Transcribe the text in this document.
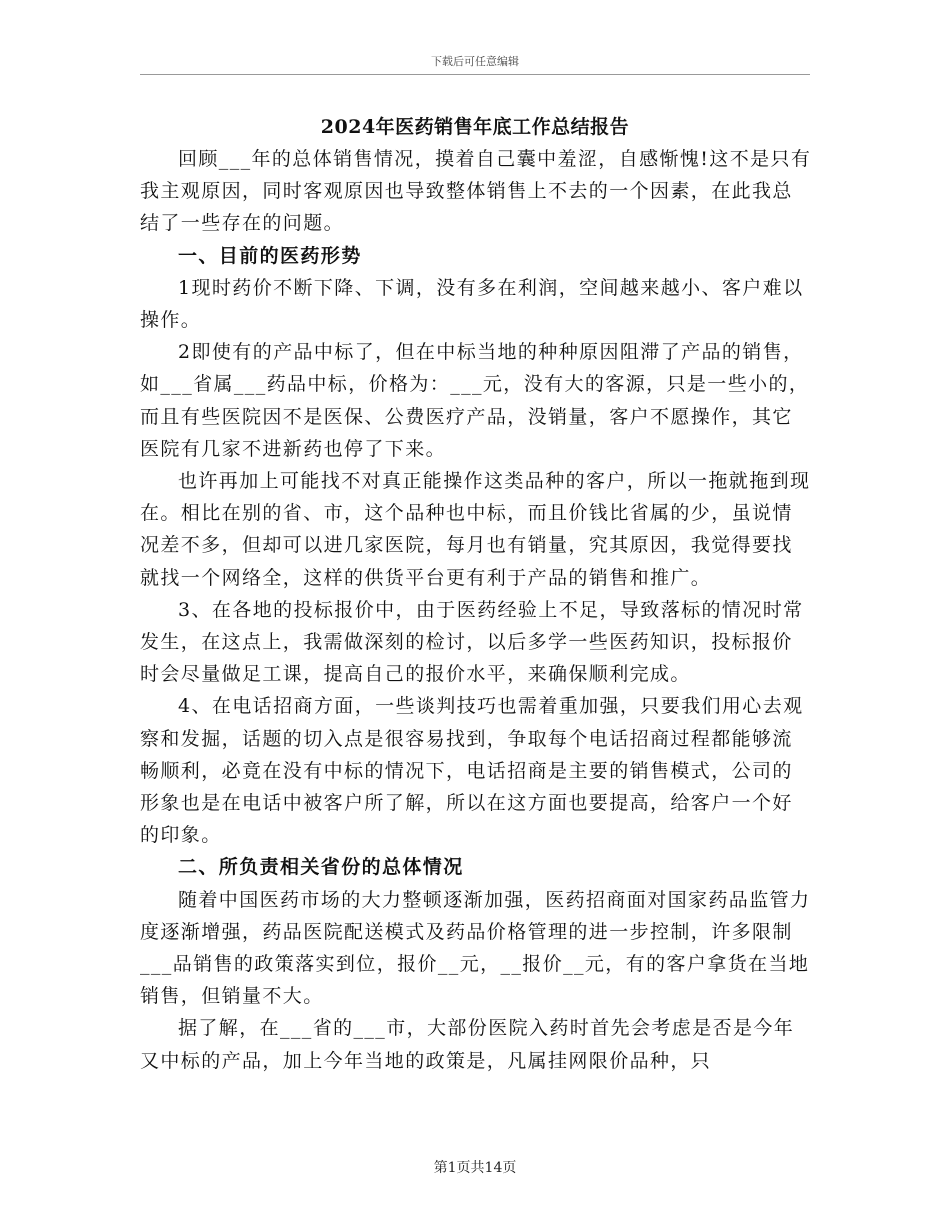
下载后可任意编辑
2024年医药销售年底工作总结报告

回顾___年的总体销售情况，摸着自己囊中羞涩，自感惭愧!这不是只有我主观原因，同时客观原因也导致整体销售上不去的一个因素，在此我总结了一些存在的问题。

一、目前的医药形势

1现时药价不断下降、下调，没有多在利润，空间越来越小、客户难以操作。

2即使有的产品中标了，但在中标当地的种种原因阻滞了产品的销售，如___省属___药品中标，价格为：___元，没有大的客源，只是一些小的，而且有些医院因不是医保、公费医疗产品，没销量，客户不愿操作，其它医院有几家不进新药也停了下来。

也许再加上可能找不对真正能操作这类品种的客户，所以一拖就拖到现在。相比在别的省、市，这个品种也中标，而且价钱比省属的少，虽说情况差不多，但却可以进几家医院，每月也有销量，究其原因，我觉得要找就找一个网络全，这样的供货平台更有利于产品的销售和推广。

3、在各地的投标报价中，由于医药经验上不足，导致落标的情况时常发生，在这点上，我需做深刻的检讨，以后多学一些医药知识，投标报价时会尽量做足工课，提高自己的报价水平，来确保顺利完成。

4、在电话招商方面，一些谈判技巧也需着重加强，只要我们用心去观察和发掘，话题的切入点是很容易找到，争取每个电话招商过程都能够流畅顺利，必竟在没有中标的情况下，电话招商是主要的销售模式，公司的形象也是在电话中被客户所了解，所以在这方面也要提高，给客户一个好的印象。

二、所负责相关省份的总体情况

随着中国医药市场的大力整顿逐渐加强，医药招商面对国家药品监管力度逐渐增强，药品医院配送模式及药品价格管理的进一步控制，许多限制___品销售的政策落实到位，报价__元，__报价__元，有的客户拿货在当地销售，但销量不大。

据了解，在___省的___市，大部份医院入药时首先会考虑是否是今年又中标的产品，加上今年当地的政策是，凡属挂网限价品种，只

第1页共14页
